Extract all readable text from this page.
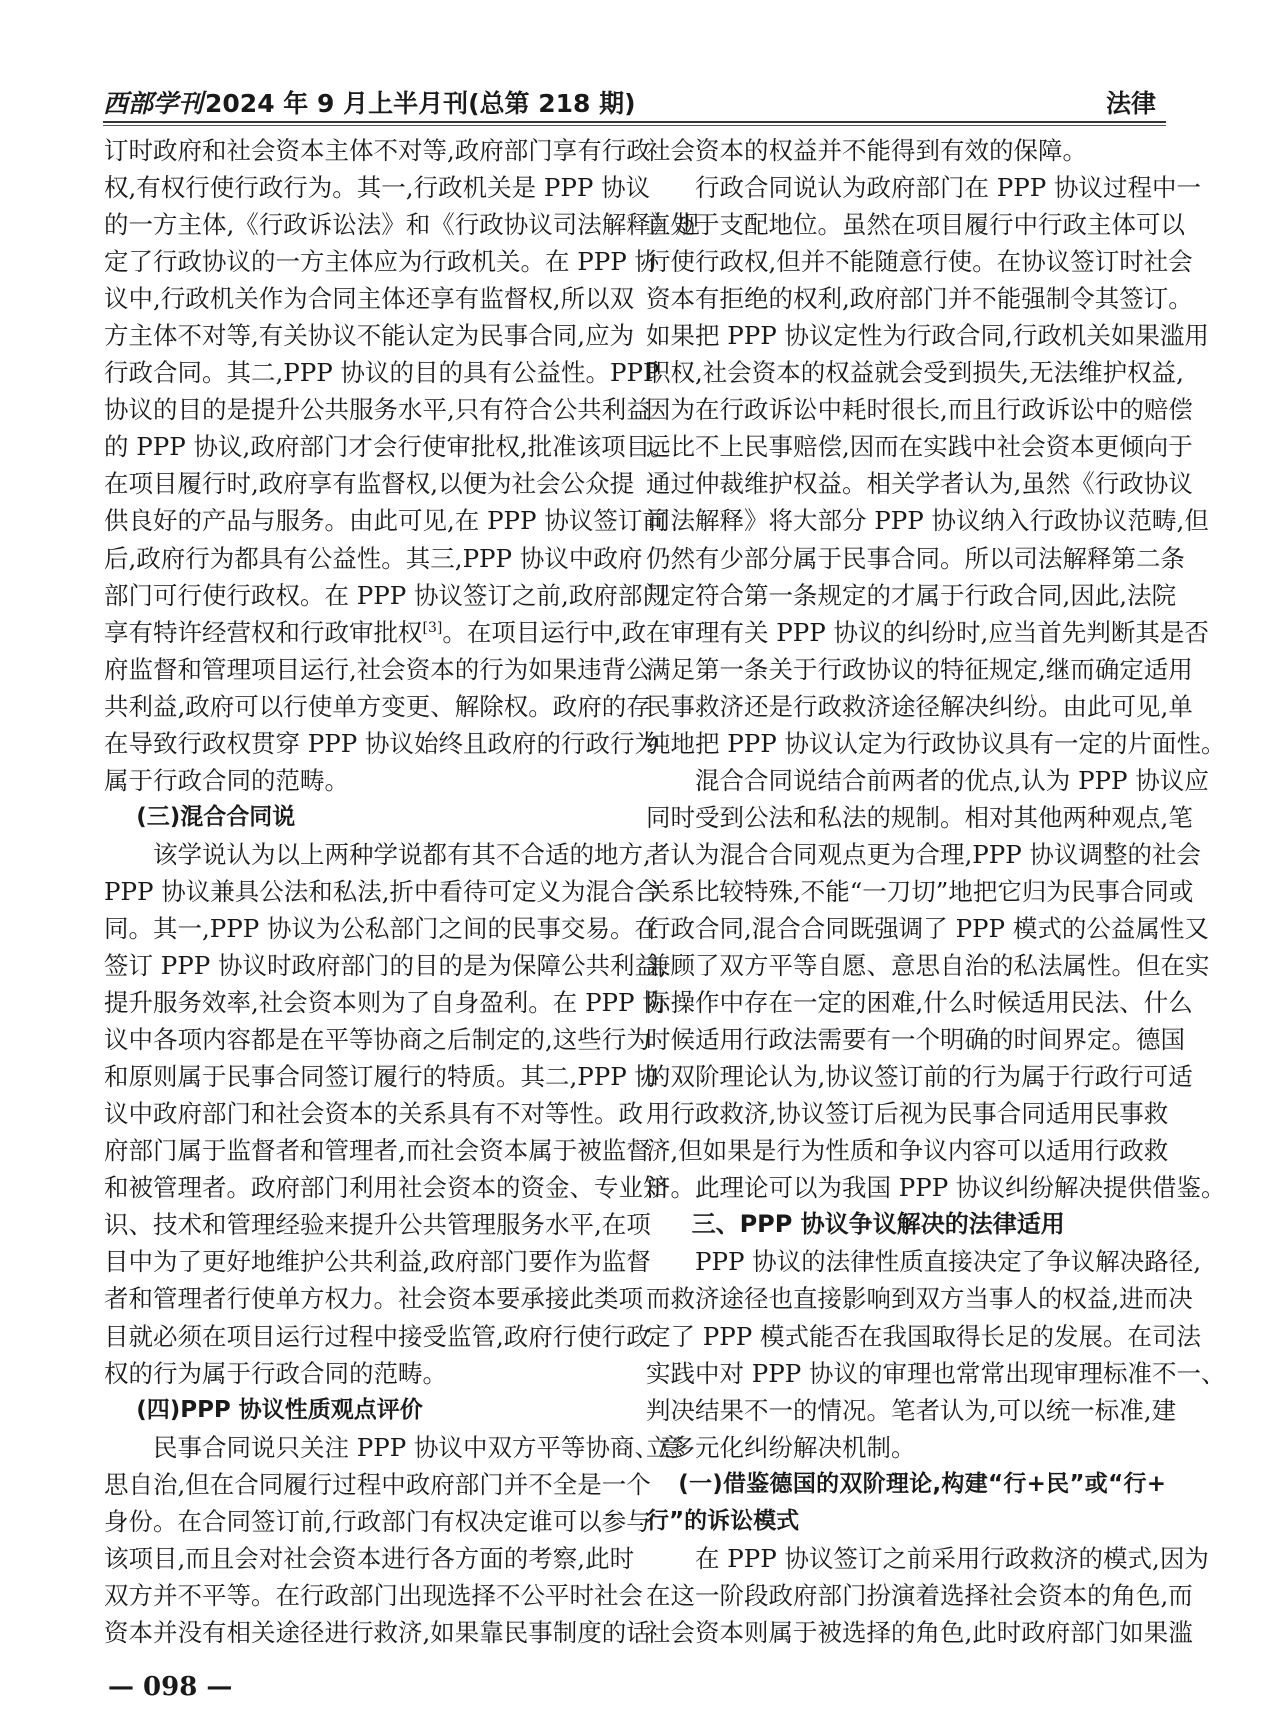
西部学刊2024 年 9 月上半月刊(总第 218 期)	法律
订时政府和社会资本主体不对等,政府部门享有行政
权,有权行使行政行为。其一,行政机关是 PPP 协议
的一方主体,《行政诉讼法》和《行政协议司法解释》规
定了行政协议的一方主体应为行政机关。在 PPP 协
议中,行政机关作为合同主体还享有监督权,所以双
方主体不对等,有关协议不能认定为民事合同,应为
行政合同。其二,PPP 协议的目的具有公益性。PPP
协议的目的是提升公共服务水平,只有符合公共利益
的 PPP 协议,政府部门才会行使审批权,批准该项目。
在项目履行时,政府享有监督权,以便为社会公众提
供良好的产品与服务。由此可见,在 PPP 协议签订前
后,政府行为都具有公益性。其三,PPP 协议中政府
部门可行使行政权。在 PPP 协议签订之前,政府部门
享有特许经营权和行政审批权[3]。在项目运行中,政
府监督和管理项目运行,社会资本的行为如果违背公
共利益,政府可以行使单方变更、解除权。政府的存
在导致行政权贯穿 PPP 协议始终且政府的行政行为
属于行政合同的范畴。
(三)混合合同说
该学说认为以上两种学说都有其不合适的地方,
PPP 协议兼具公法和私法,折中看待可定义为混合合
同。其一,PPP 协议为公私部门之间的民事交易。在
签订 PPP 协议时政府部门的目的是为保障公共利益,
提升服务效率,社会资本则为了自身盈利。在 PPP 协
议中各项内容都是在平等协商之后制定的,这些行为
和原则属于民事合同签订履行的特质。其二,PPP 协
议中政府部门和社会资本的关系具有不对等性。政
府部门属于监督者和管理者,而社会资本属于被监督
和被管理者。政府部门利用社会资本的资金、专业知
识、技术和管理经验来提升公共管理服务水平,在项
目中为了更好地维护公共利益,政府部门要作为监督
者和管理者行使单方权力。社会资本要承接此类项
目就必须在项目运行过程中接受监管,政府行使行政
权的行为属于行政合同的范畴。
(四)PPP 协议性质观点评价
民事合同说只关注 PPP 协议中双方平等协商、意
思自治,但在合同履行过程中政府部门并不全是一个
身份。在合同签订前,行政部门有权决定谁可以参与
该项目,而且会对社会资本进行各方面的考察,此时
双方并不平等。在行政部门出现选择不公平时社会
资本并没有相关途径进行救济,如果靠民事制度的话
社会资本的权益并不能得到有效的保障。
行政合同说认为政府部门在 PPP 协议过程中一
直处于支配地位。虽然在项目履行中行政主体可以
行使行政权,但并不能随意行使。在协议签订时社会
资本有拒绝的权利,政府部门并不能强制令其签订。
如果把 PPP 协议定性为行政合同,行政机关如果滥用
职权,社会资本的权益就会受到损失,无法维护权益,
因为在行政诉讼中耗时很长,而且行政诉讼中的赔偿
远比不上民事赔偿,因而在实践中社会资本更倾向于
通过仲裁维护权益。相关学者认为,虽然《行政协议
司法解释》将大部分 PPP 协议纳入行政协议范畴,但
仍然有少部分属于民事合同。所以司法解释第二条
规定符合第一条规定的才属于行政合同,因此,法院
在审理有关 PPP 协议的纠纷时,应当首先判断其是否
满足第一条关于行政协议的特征规定,继而确定适用
民事救济还是行政救济途径解决纠纷。由此可见,单
纯地把 PPP 协议认定为行政协议具有一定的片面性。
混合合同说结合前两者的优点,认为 PPP 协议应
同时受到公法和私法的规制。相对其他两种观点,笔
者认为混合合同观点更为合理,PPP 协议调整的社会
关系比较特殊,不能“一刀切”地把它归为民事合同或
行政合同,混合合同既强调了 PPP 模式的公益属性又
兼顾了双方平等自愿、意思自治的私法属性。但在实
际操作中存在一定的困难,什么时候适用民法、什么
时候适用行政法需要有一个明确的时间界定。德国
的双阶理论认为,协议签订前的行为属于行政行可适
用行政救济,协议签订后视为民事合同适用民事救
济,但如果是行为性质和争议内容可以适用行政救
济。此理论可以为我国 PPP 协议纠纷解决提供借鉴。
三、PPP 协议争议解决的法律适用
PPP 协议的法律性质直接决定了争议解决路径,
而救济途径也直接影响到双方当事人的权益,进而决
定了 PPP 模式能否在我国取得长足的发展。在司法
实践中对 PPP 协议的审理也常常出现审理标准不一、
判决结果不一的情况。笔者认为,可以统一标准,建
立多元化纠纷解决机制。
(一)借鉴德国的双阶理论,构建“行+民”或“行+
行”的诉讼模式
在 PPP 协议签订之前采用行政救济的模式,因为
在这一阶段政府部门扮演着选择社会资本的角色,而
社会资本则属于被选择的角色,此时政府部门如果滥
— 098 —
